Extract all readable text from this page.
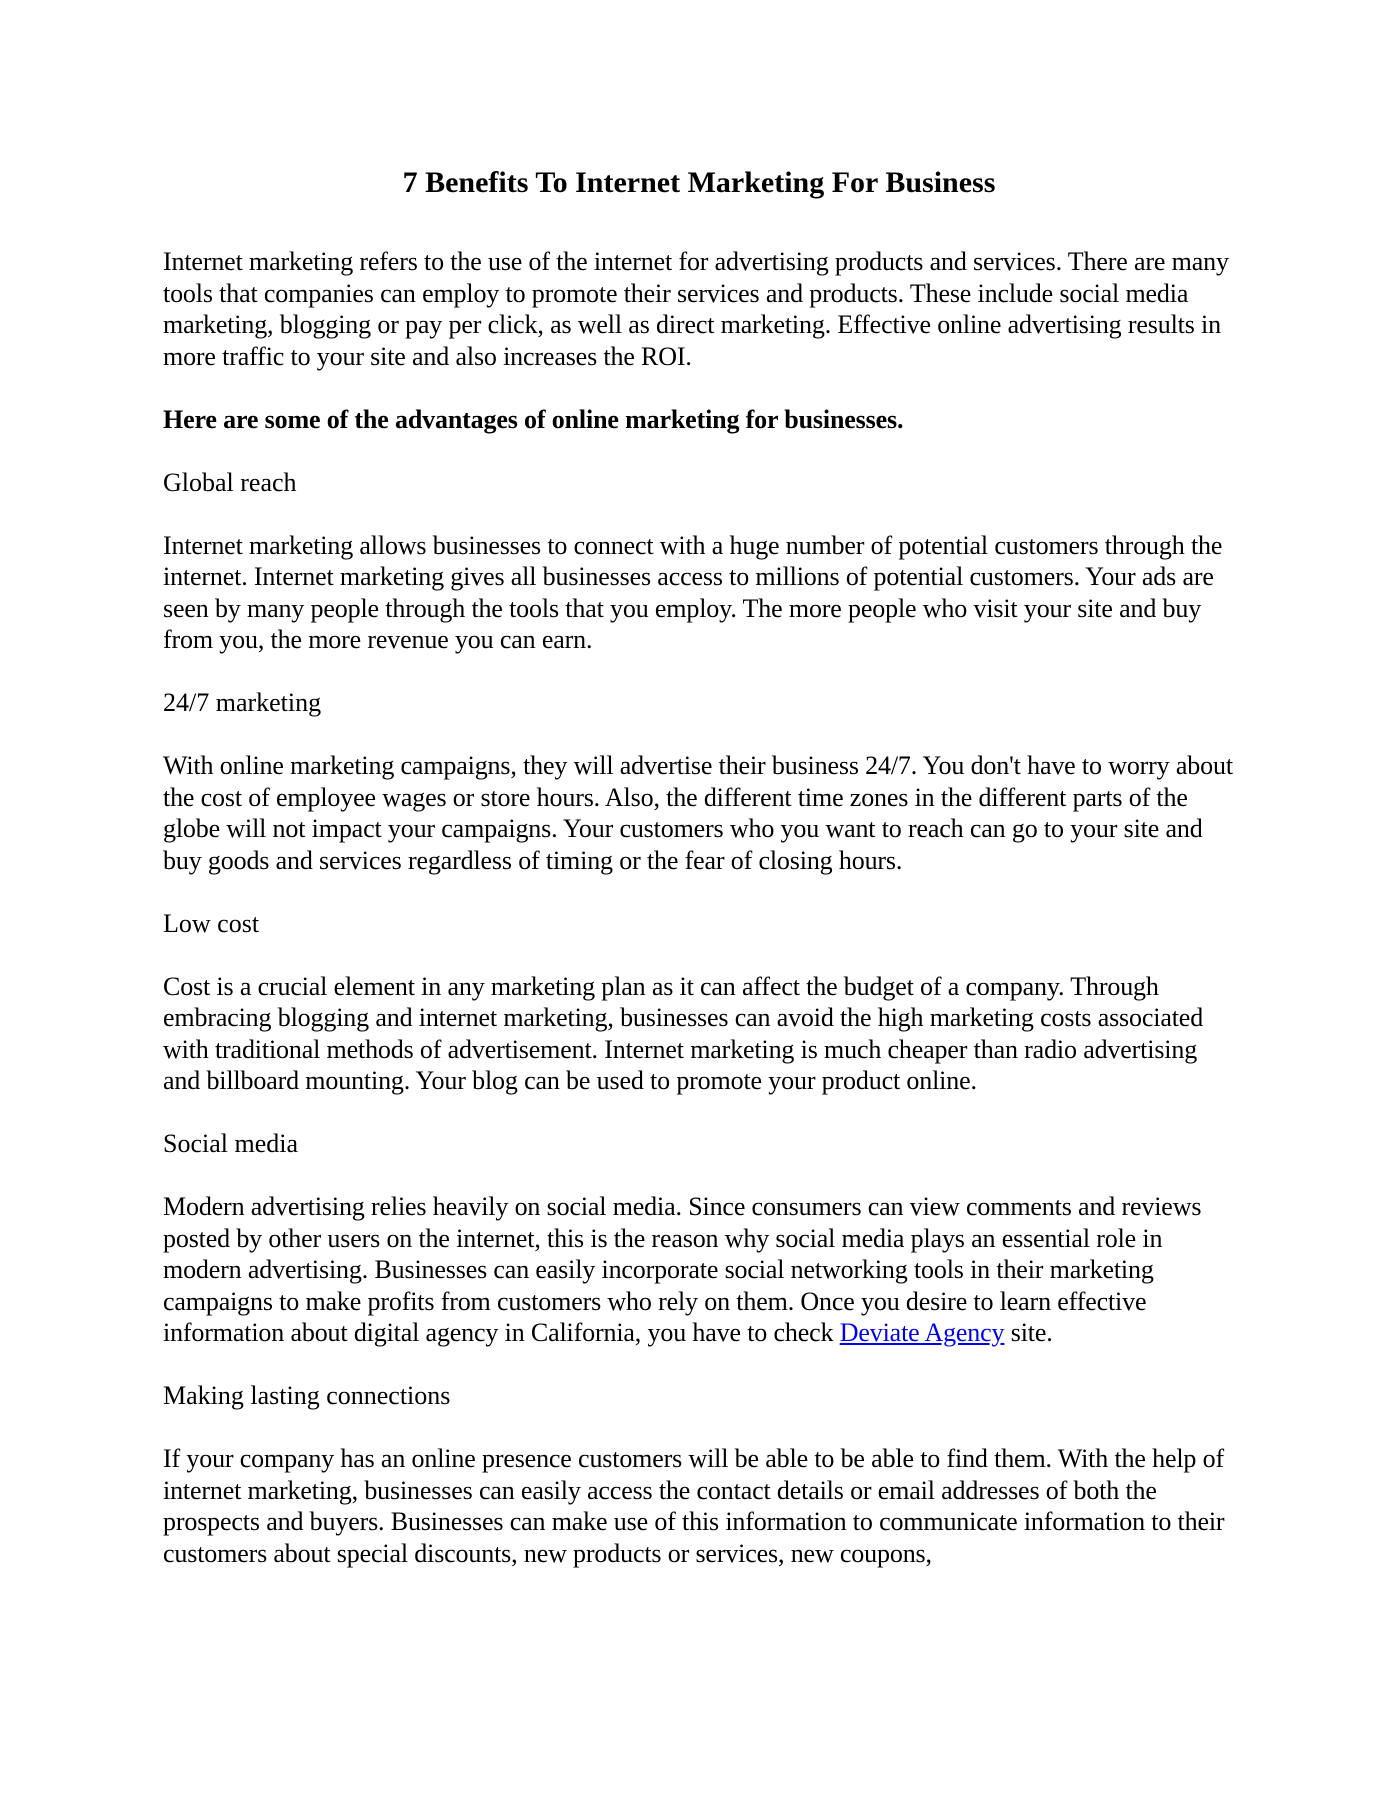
7 Benefits To Internet Marketing For Business

Internet marketing refers to the use of the internet for advertising products and services. There are many tools that companies can employ to promote their services and products. These include social media marketing, blogging or pay per click, as well as direct marketing. Effective online advertising results in more traffic to your site and also increases the ROI.

Here are some of the advantages of online marketing for businesses.

Global reach

Internet marketing allows businesses to connect with a huge number of potential customers through the internet. Internet marketing gives all businesses access to millions of potential customers. Your ads are seen by many people through the tools that you employ. The more people who visit your site and buy from you, the more revenue you can earn.

24/7 marketing

With online marketing campaigns, they will advertise their business 24/7. You don't have to worry about the cost of employee wages or store hours. Also, the different time zones in the different parts of the globe will not impact your campaigns. Your customers who you want to reach can go to your site and buy goods and services regardless of timing or the fear of closing hours.

Low cost

Cost is a crucial element in any marketing plan as it can affect the budget of a company. Through embracing blogging and internet marketing, businesses can avoid the high marketing costs associated with traditional methods of advertisement. Internet marketing is much cheaper than radio advertising and billboard mounting. Your blog can be used to promote your product online.

Social media

Modern advertising relies heavily on social media. Since consumers can view comments and reviews posted by other users on the internet, this is the reason why social media plays an essential role in modern advertising. Businesses can easily incorporate social networking tools in their marketing campaigns to make profits from customers who rely on them. Once you desire to learn effective information about digital agency in California, you have to check Deviate Agency site.

Making lasting connections

If your company has an online presence customers will be able to be able to find them. With the help of internet marketing, businesses can easily access the contact details or email addresses of both the prospects and buyers. Businesses can make use of this information to communicate information to their customers about special discounts, new products or services, new coupons,
